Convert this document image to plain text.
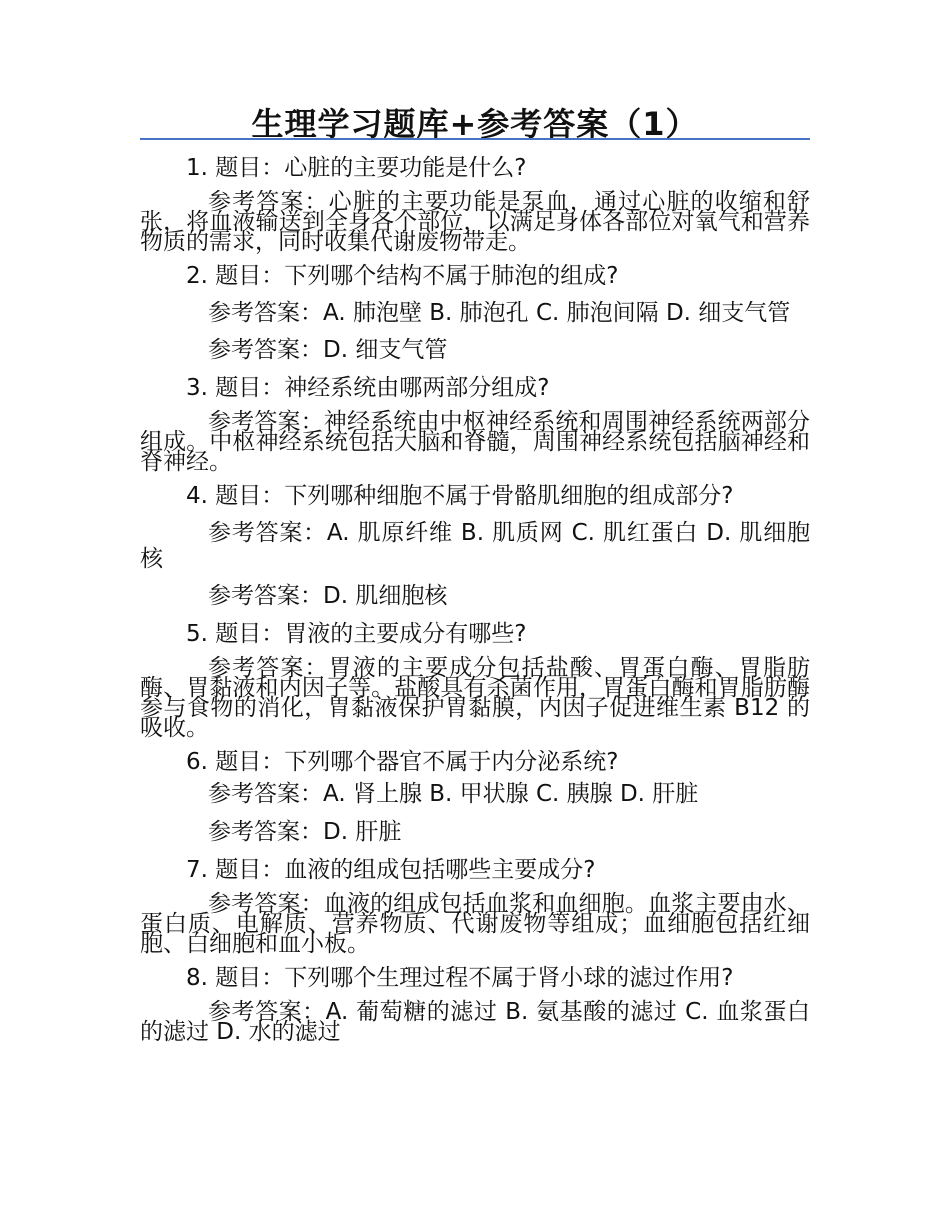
生理学习题库+参考答案（1）

1. 题目：心脏的主要功能是什么?

参考答案：心脏的主要功能是泵血，通过心脏的收缩和舒张，将血液输送到全身各个部位，以满足身体各部位对氧气和营养物质的需求，同时收集代谢废物带走。

2. 题目：下列哪个结构不属于肺泡的组成?

参考答案：A. 肺泡壁 B. 肺泡孔 C. 肺泡间隔 D. 细支气管

参考答案：D. 细支气管

3. 题目：神经系统由哪两部分组成?

参考答案：神经系统由中枢神经系统和周围神经系统两部分组成。中枢神经系统包括大脑和脊髓，周围神经系统包括脑神经和脊神经。

4. 题目：下列哪种细胞不属于骨骼肌细胞的组成部分?

参考答案：A. 肌原纤维 B. 肌质网 C. 肌红蛋白 D. 肌细胞核

参考答案：D. 肌细胞核

5. 题目：胃液的主要成分有哪些?

参考答案：胃液的主要成分包括盐酸、胃蛋白酶、胃脂肪酶、胃黏液和内因子等。盐酸具有杀菌作用，胃蛋白酶和胃脂肪酶参与食物的消化，胃黏液保护胃黏膜，内因子促进维生素 B12 的吸收。

6. 题目：下列哪个器官不属于内分泌系统?

参考答案：A. 肾上腺 B. 甲状腺 C. 胰腺 D. 肝脏

参考答案：D. 肝脏

7. 题目：血液的组成包括哪些主要成分?

参考答案：血液的组成包括血浆和血细胞。血浆主要由水、蛋白质、电解质、营养物质、代谢废物等组成；血细胞包括红细胞、白细胞和血小板。

8. 题目：下列哪个生理过程不属于肾小球的滤过作用?

参考答案：A. 葡萄糖的滤过 B. 氨基酸的滤过 C. 血浆蛋白的滤过 D. 水的滤过
